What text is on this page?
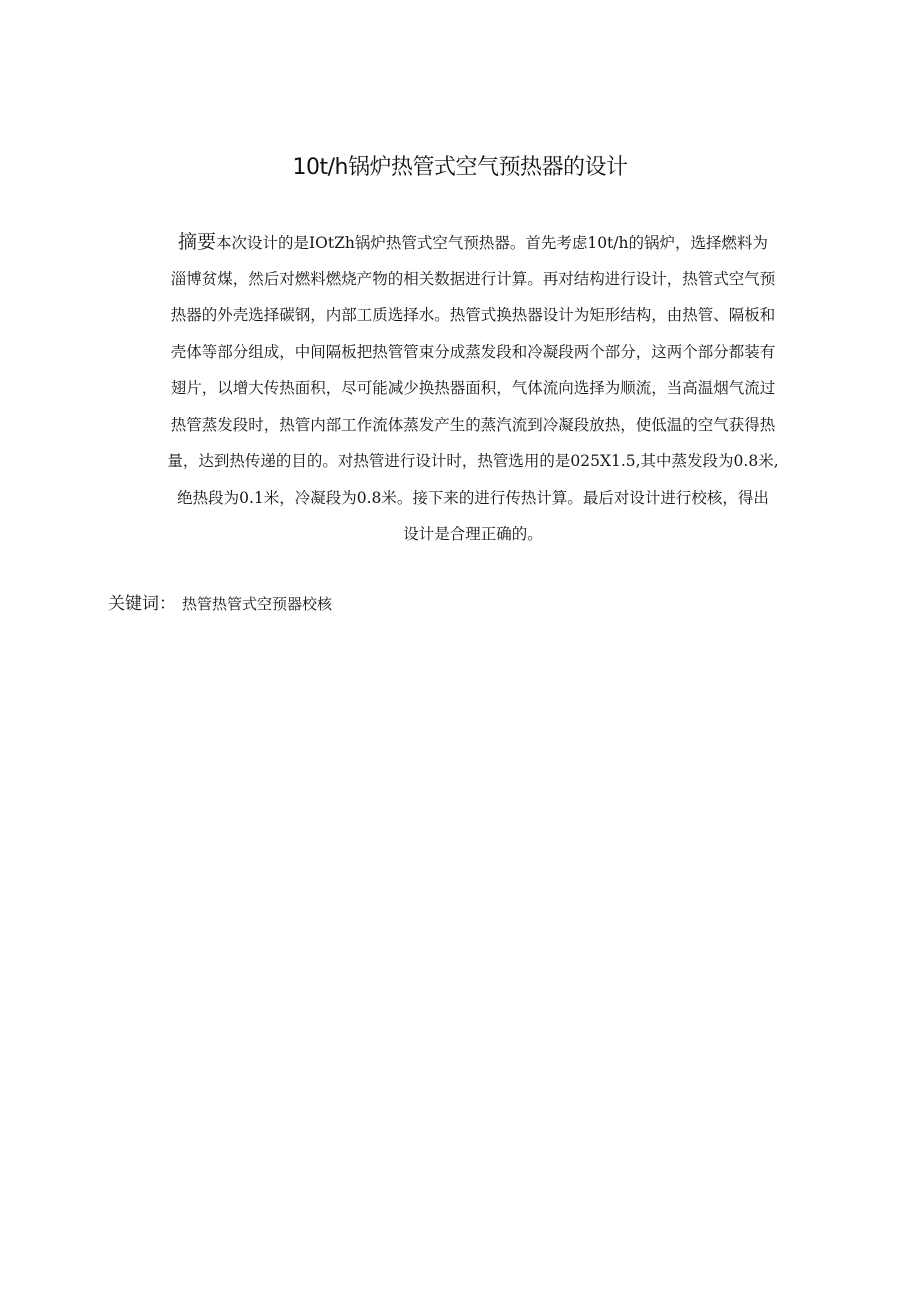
10t/h锅炉热管式空气预热器的设计
摘要本次设计的是IOtZh锅炉热管式空气预热器。首先考虑10t/h的锅炉，选择燃料为
淄博贫煤，然后对燃料燃烧产物的相关数据进行计算。再对结构进行设计，热管式空气预
热器的外壳选择碳钢，内部工质选择水。热管式换热器设计为矩形结构，由热管、隔板和
壳体等部分组成，中间隔板把热管管束分成蒸发段和冷凝段两个部分，这两个部分都装有
翅片，以增大传热面积，尽可能减少换热器面积，气体流向选择为顺流，当高温烟气流过
热管蒸发段时，热管内部工作流体蒸发产生的蒸汽流到冷凝段放热，使低温的空气获得热
量，达到热传递的目的。对热管进行设计时，热管选用的是025X1.5,其中蒸发段为0.8米,
绝热段为0.1米，冷凝段为0.8米。接下来的进行传热计算。最后对设计进行校核，得出
设计是合理正确的。
关键词： 热管热管式空预器校核
